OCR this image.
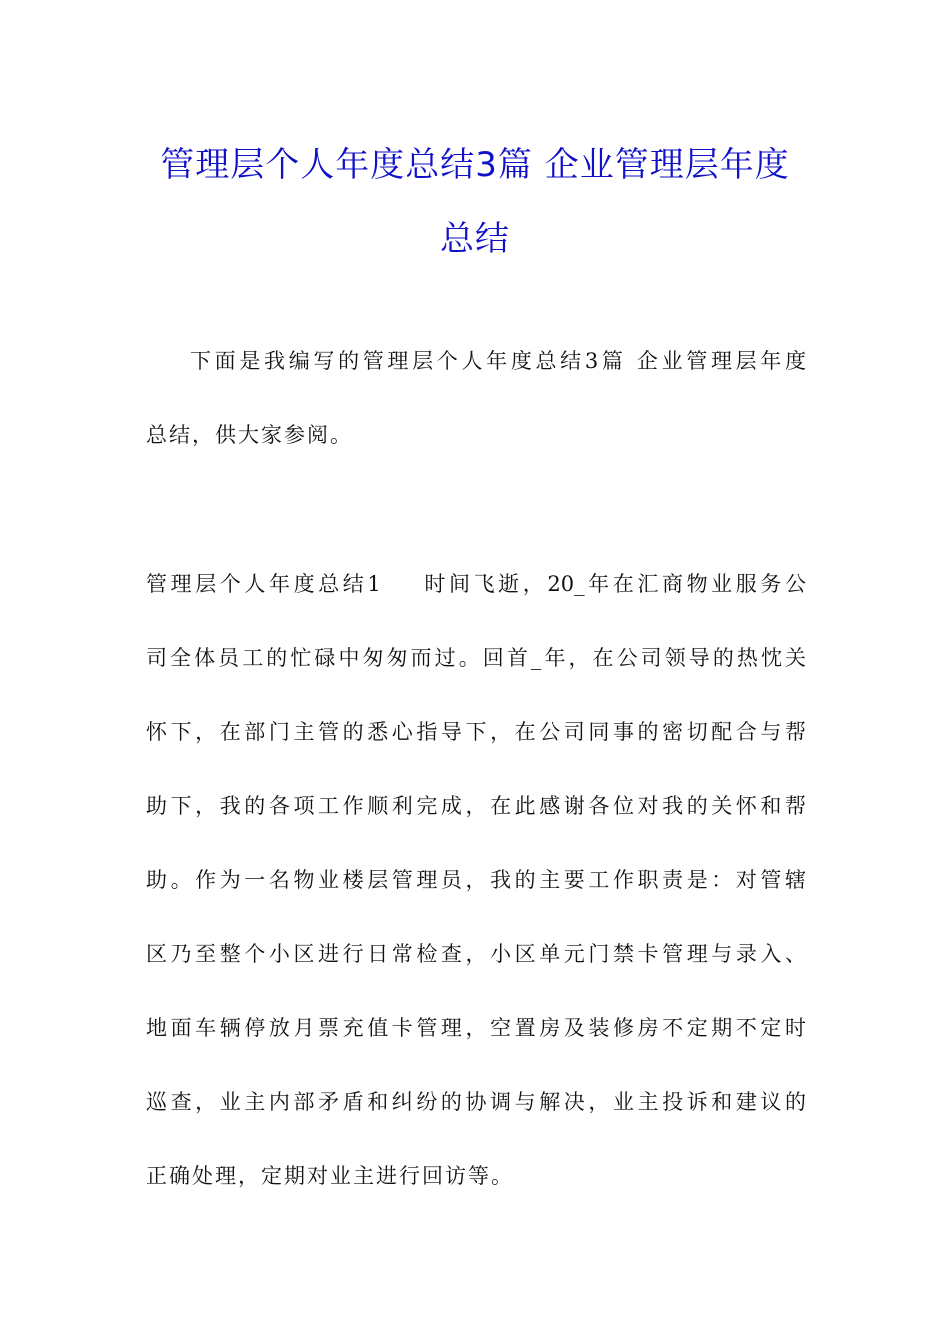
管理层个人年度总结3篇 企业管理层年度
总结
下面是我编写的管理层个人年度总结3篇 企业管理层年度
总结，供大家参阅。
管理层个人年度总结1 时间飞逝，20_年在汇商物业服务公
司全体员工的忙碌中匆匆而过。回首_年，在公司领导的热忱关
怀下，在部门主管的悉心指导下，在公司同事的密切配合与帮
助下，我的各项工作顺利完成，在此感谢各位对我的关怀和帮
助。作为一名物业楼层管理员，我的主要工作职责是：对管辖
区乃至整个小区进行日常检查，小区单元门禁卡管理与录入、
地面车辆停放月票充值卡管理，空置房及装修房不定期不定时
巡查，业主内部矛盾和纠纷的协调与解决，业主投诉和建议的
正确处理，定期对业主进行回访等。
